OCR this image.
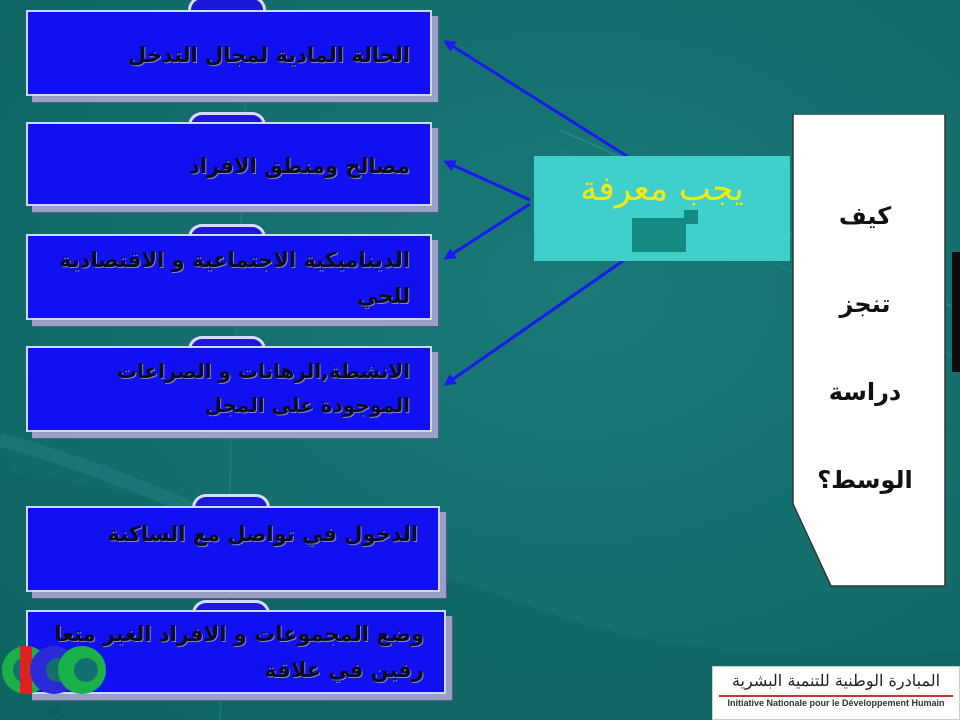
الحالة المادية لمجال التدخل
مصالح ومنطق الافراد
الديناميكية الاجتماعية و الاقتصادية للحي
الانشطة,الرهانات و الصراعات الموجودة على المجل
الدخول في تواصل مع الساكنة
وضع المجموعات و الافراد الغير متعا رفين في علاقة
يجب معرفة
كيف
تنجز
دراسة
الوسط؟
ICC
المبادرة الوطنية للتنمية البشرية
Initiative Nationale pour le Développement Humain
